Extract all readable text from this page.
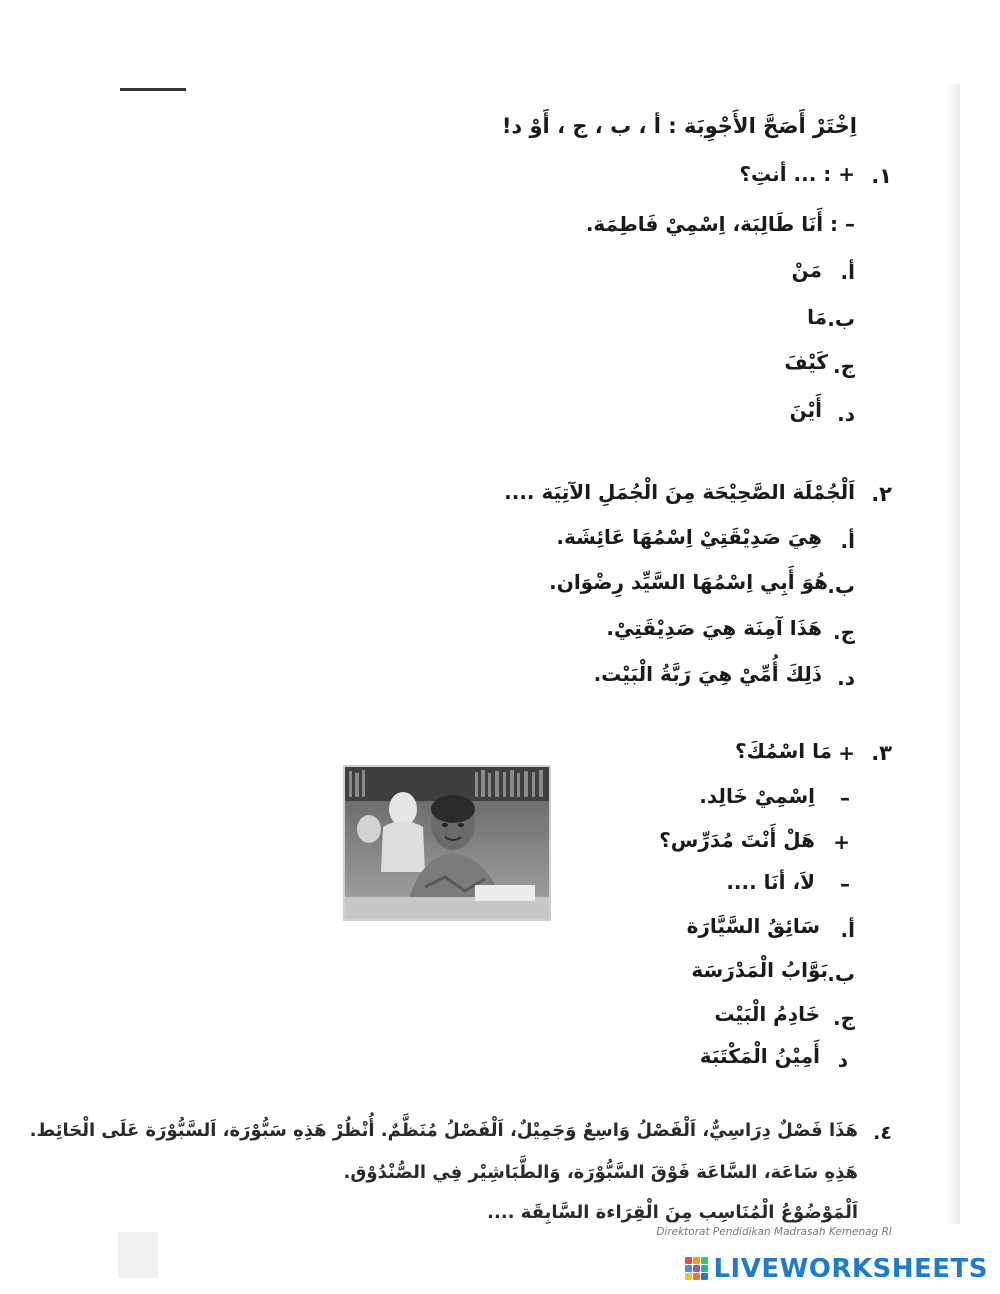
اِخْتَرْ أَصَحَّ الأَجْوِبَة : أ ، ب ، ج ، أَوْ د!
١.
+ : ... أنتِ؟
– : أَنَا طَالِبَة، اِسْمِيْ فَاطِمَة.
أ.
مَنْ
ب.
مَا
ج.
كَيْفَ
د.
أَيْنَ
٢.
اَلْجُمْلَة الصَّحِيْحَة مِنَ الْجُمَلِ الآتِيَة ....
أ.
هِيَ صَدِيْقَتِيْ اِسْمُهَا عَائِشَة.
ب.
هُوَ أَبِي اِسْمُهَا السَّيِّد رِضْوَان.
ج.
هَذَا آمِنَة هِيَ صَدِيْقَتِيْ.
د.
ذَلِكَ أُمِّيْ هِيَ رَبَّةُ الْبَيْت.
٣.
+
مَا اسْمُكَ؟
–
اِسْمِيْ خَالِد.
+
هَلْ أَنْتَ مُدَرِّس؟
–
لاَ، أنَا ....
أ.
سَائِقُ السَّيَّارَة
ب.
بَوَّابُ الْمَدْرَسَة
ج.
خَادِمُ الْبَيْت
د
أَمِيْنُ الْمَكْتَبَة
٤.
هَذَا فَصْلٌ دِرَاسِيٌّ، اَلْفَصْلُ وَاسِعٌ وَجَمِيْلٌ، اَلْفَصْلُ مُنَظَّمٌ. أُنْظُرْ هَذِهِ سَبُّوْرَة، اَلسَّبُّوْرَة عَلَى الْحَائِط.
هَذِهِ سَاعَة، السَّاعَة فَوْقَ السَّبُّوْرَة، وَالطَّبَاشِيْر فِي الصُّنْدُوْق.
اَلْمَوْضُوْعُ الْمُنَاسِب مِنَ الْقِرَاءة السَّابِقَة ....
Direktorat Pendidikan Madrasah Kemenag RI
LIVEWORKSHEETS
